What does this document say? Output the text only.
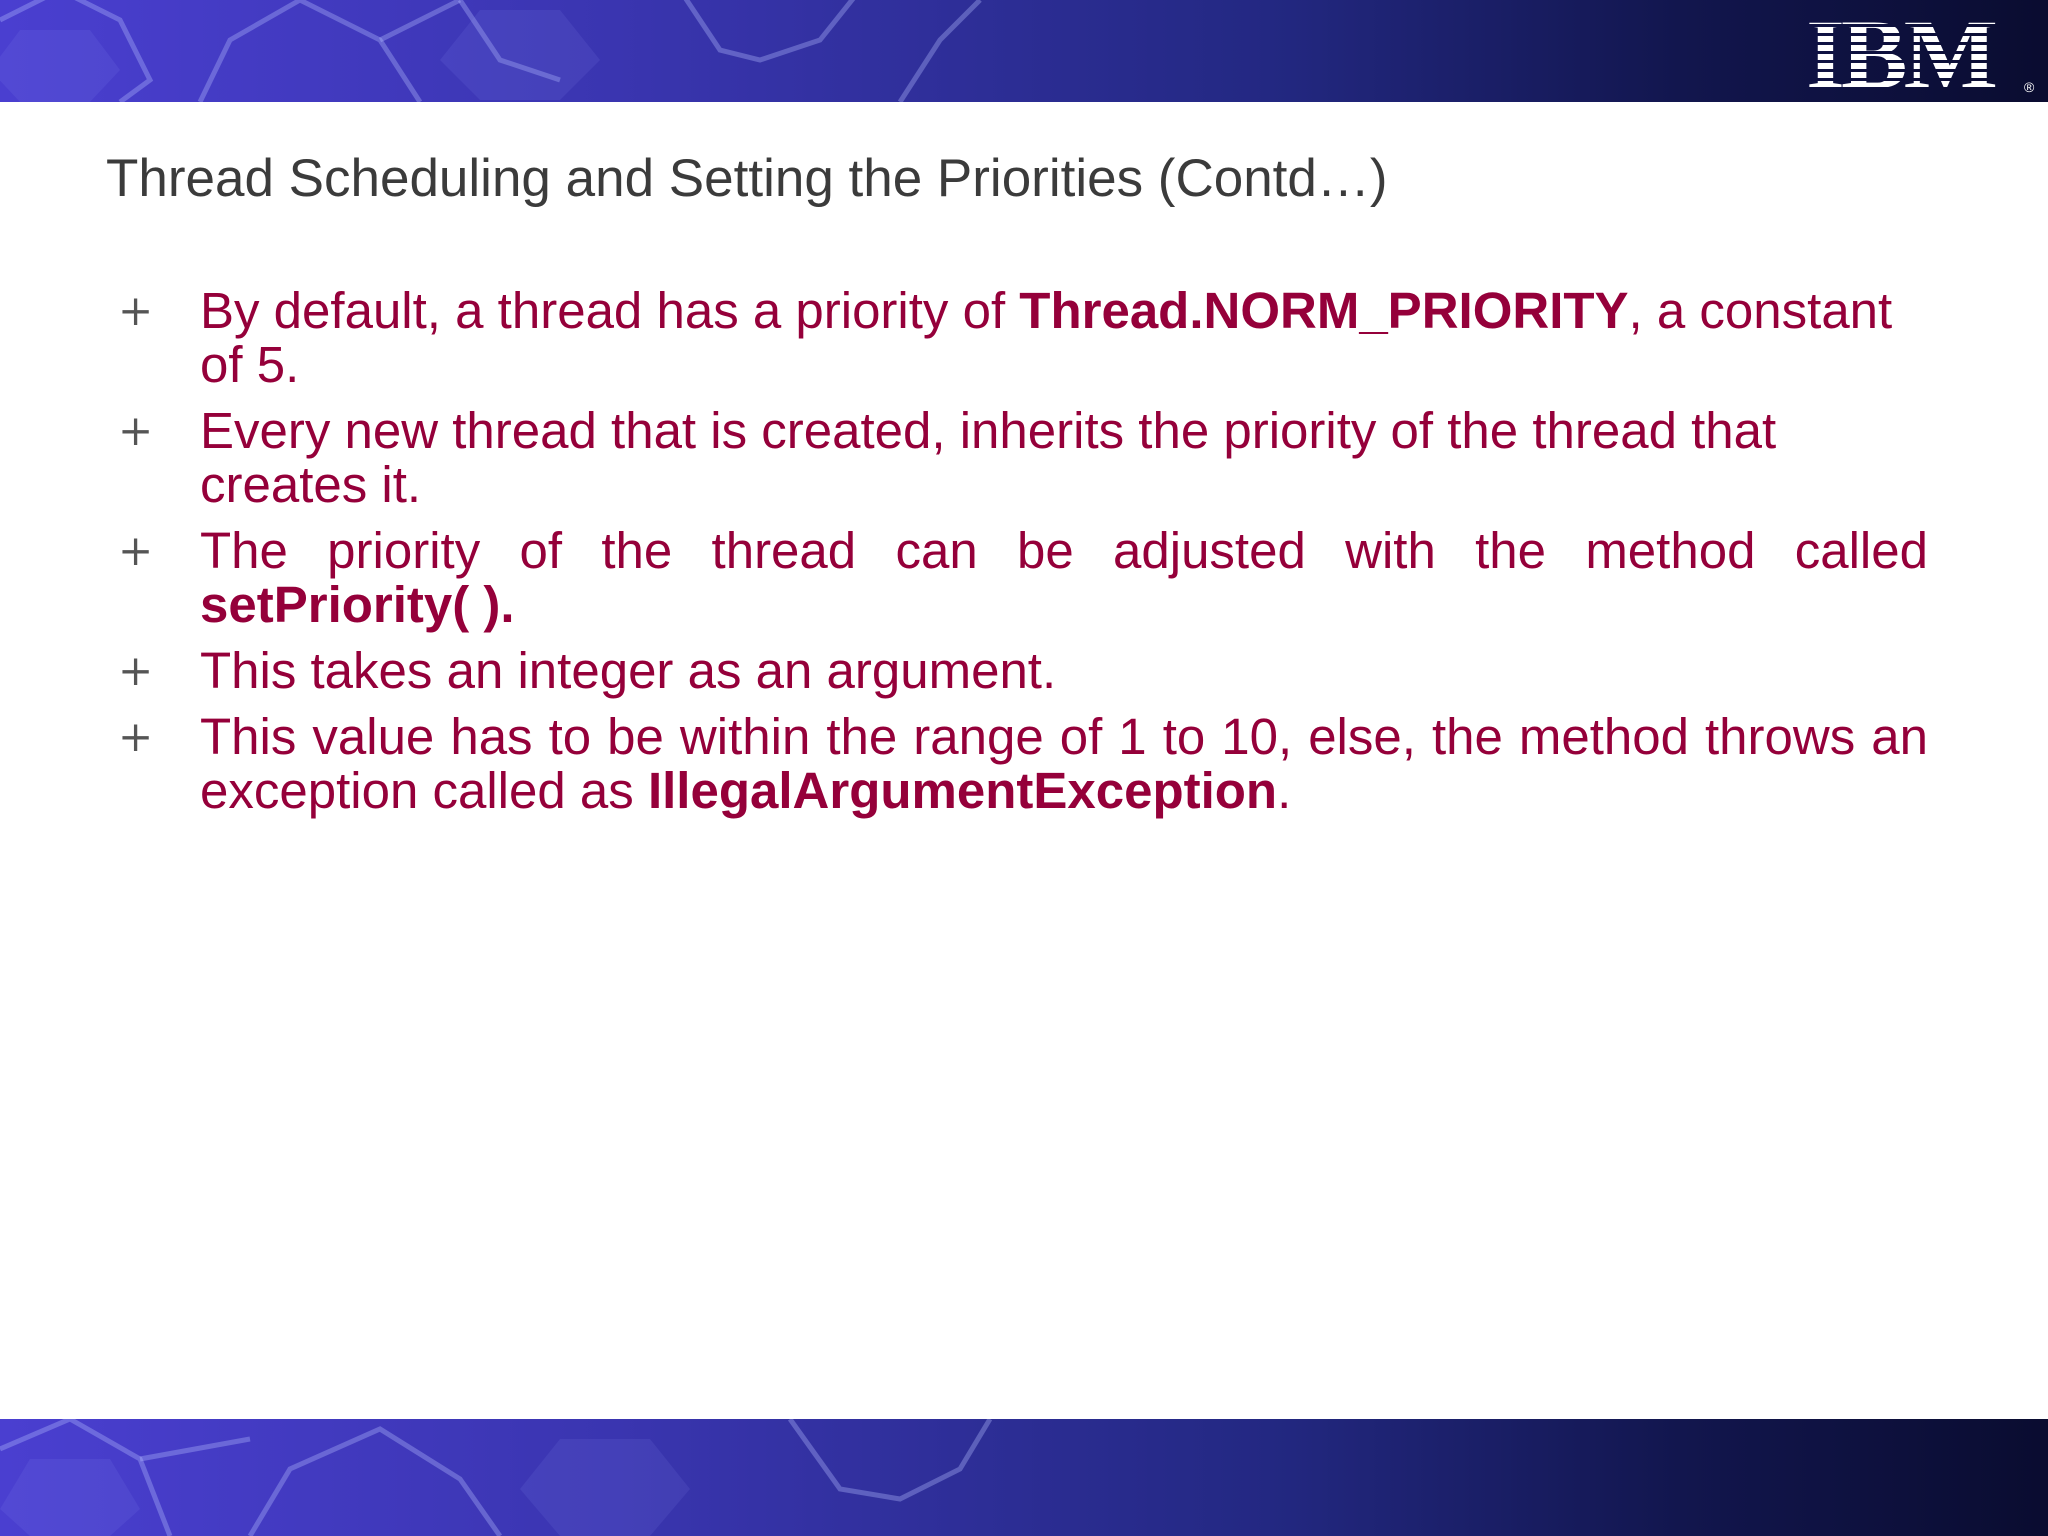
IBM ®
Thread Scheduling and Setting the Priorities (Contd…)
+ By default, a thread has a priority of Thread.NORM_PRIORITY, a constant of 5.
+ Every new thread that is created, inherits the priority of the thread that creates it.
+ The priority of the thread can be adjusted with the method called setPriority( ).
+ This takes an integer as an argument.
+ This value has to be within the range of 1 to 10, else, the method throws an exception called as IllegalArgumentException.
